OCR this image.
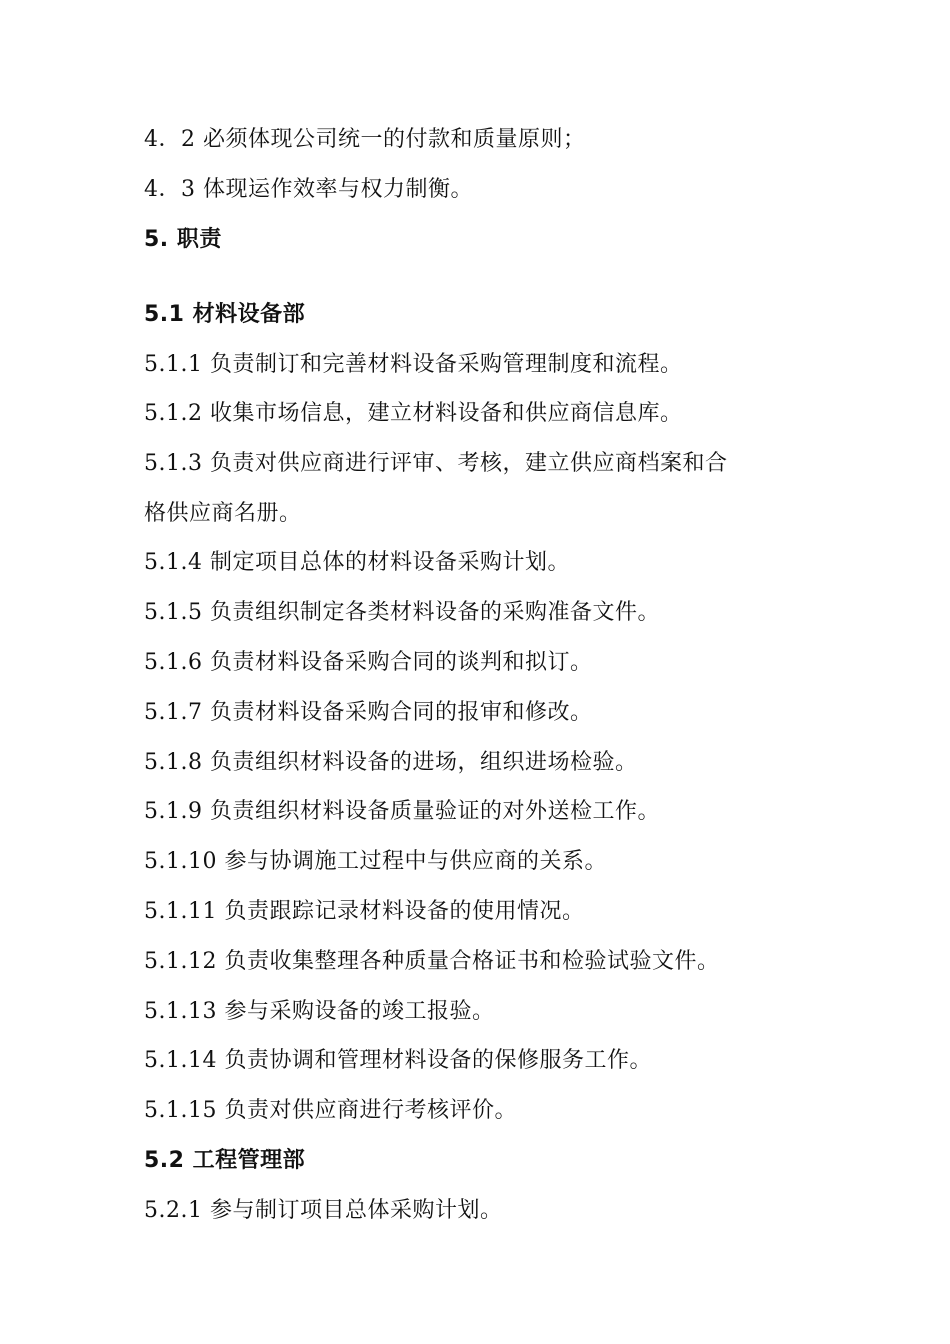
4．2 必须体现公司统一的付款和质量原则；
4．3 体现运作效率与权力制衡。
5. 职责
5.1 材料设备部
5.1.1 负责制订和完善材料设备采购管理制度和流程。
5.1.2 收集市场信息，建立材料设备和供应商信息库。
5.1.3 负责对供应商进行评审、考核，建立供应商档案和合
格供应商名册。
5.1.4 制定项目总体的材料设备采购计划。
5.1.5 负责组织制定各类材料设备的采购准备文件。
5.1.6 负责材料设备采购合同的谈判和拟订。
5.1.7 负责材料设备采购合同的报审和修改。
5.1.8 负责组织材料设备的进场，组织进场检验。
5.1.9 负责组织材料设备质量验证的对外送检工作。
5.1.10 参与协调施工过程中与供应商的关系。
5.1.11 负责跟踪记录材料设备的使用情况。
5.1.12 负责收集整理各种质量合格证书和检验试验文件。
5.1.13 参与采购设备的竣工报验。
5.1.14 负责协调和管理材料设备的保修服务工作。
5.1.15 负责对供应商进行考核评价。
5.2 工程管理部
5.2.1 参与制订项目总体采购计划。
